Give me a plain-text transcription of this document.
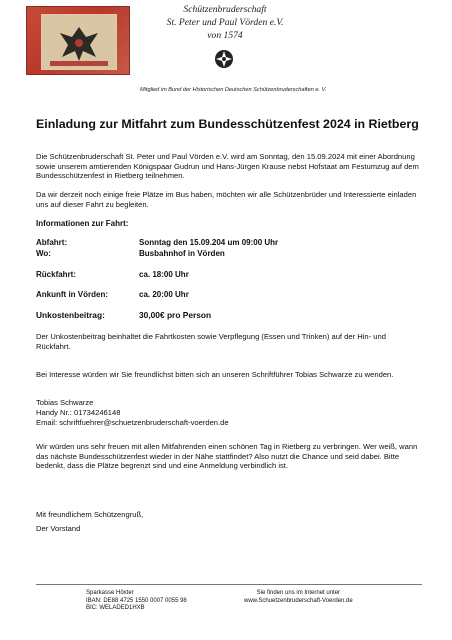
Schützenbruderschaft
St. Peter und Paul Vörden e.V.
von 1574
Mitglied im Bund der Historischen Deutschen Schützenbruderschaften e. V.
Einladung zur Mitfahrt zum Bundesschützenfest 2024 in Rietberg
Die Schützenbruderschaft St. Peter und Paul Vörden e.V. wird am Sonntag, den 15.09.2024 mit einer Abordnung sowie unserem amtierenden Königspaar Gudrun und Hans-Jürgen Krause nebst Hofstaat am Festumzug auf dem Bundesschützenfest in Rietberg teilnehmen.
Da wir derzeit noch einige freie Plätze im Bus haben, möchten wir alle Schützenbrüder und Interessierte einladen uns auf dieser Fahrt zu begleiten.
Informationen zur Fahrt:
Abfahrt:	Sonntag den 15.09.204 um 09:00 Uhr
Wo:	Busbahnhof in Vörden
Rückfahrt:	ca. 18:00 Uhr
Ankunft in Vörden:	ca. 20:00 Uhr
Unkostenbeitrag:	30,00€ pro Person
Der Unkostenbeitrag beinhaltet die Fahrtkosten sowie Verpflegung (Essen und Trinken) auf der Hin- und Rückfahrt.
Bei Interesse würden wir Sie freundlichst bitten sich an unseren Schriftführer Tobias Schwarze zu wenden.
Tobias Schwarze
Handy Nr.: 01734246148
Email: schriftfuehrer@schuetzenbruderschaft-voerden.de
Wir würden uns sehr freuen mit allen Mitfahrenden einen schönen Tag in Rietberg zu verbringen. Wer weiß, wann das nächste Bundesschützenfest wieder in der Nähe stattfindet? Also nutzt die Chance und seid dabei. Bitte bedenkt, dass die Plätze begrenzt sind und eine Anmeldung verbindlich ist.
Mit freundlichem Schützengruß,
Der Vorstand
Sparkasse Höxter
IBAN: DE88 4725 1550 0007 0055 98
BIC: WELADED1HXB
Sie finden uns im Internet unter
www.Schuetzenbruderschaft-Voerden.de
